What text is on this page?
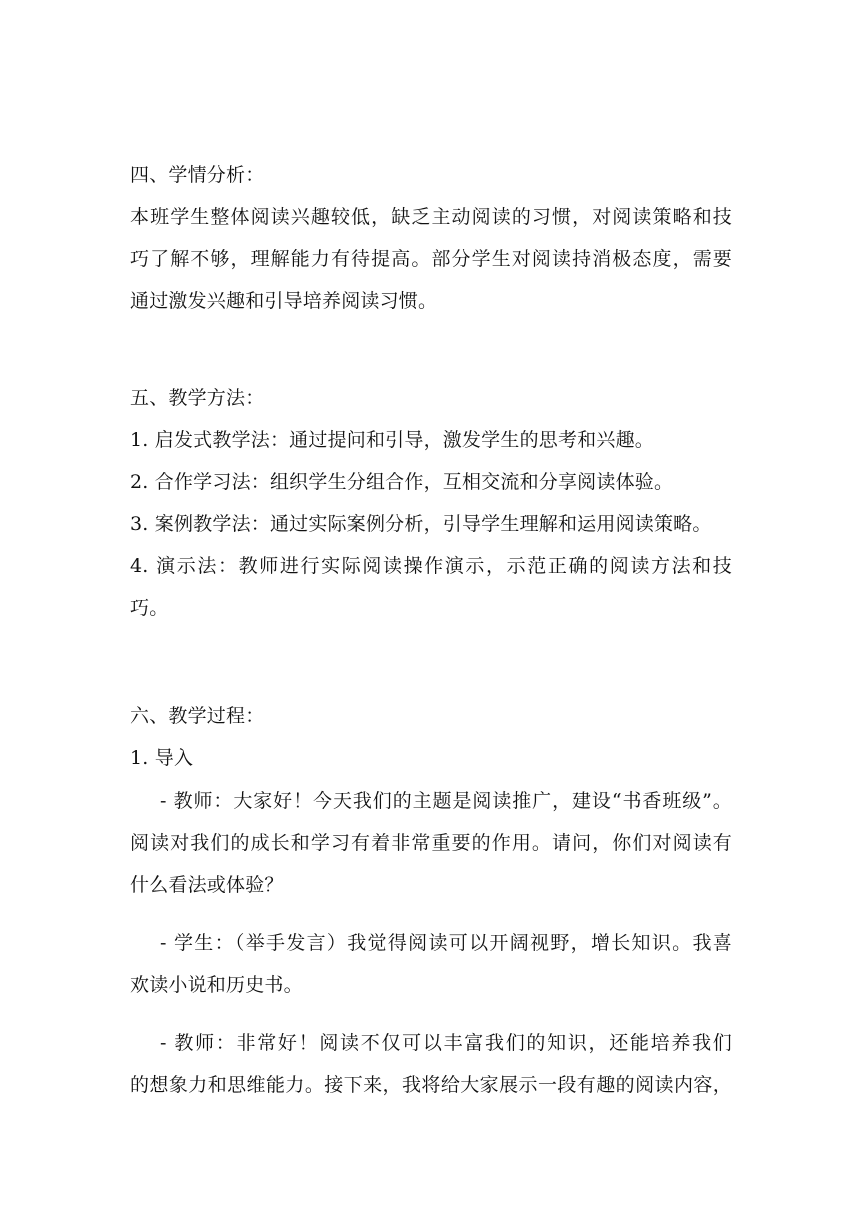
四、学情分析：
本班学生整体阅读兴趣较低，缺乏主动阅读的习惯，对阅读策略和技
巧了解不够，理解能力有待提高。部分学生对阅读持消极态度，需要
通过激发兴趣和引导培养阅读习惯。
五、教学方法：
1. 启发式教学法：通过提问和引导，激发学生的思考和兴趣。
2. 合作学习法：组织学生分组合作，互相交流和分享阅读体验。
3. 案例教学法：通过实际案例分析，引导学生理解和运用阅读策略。
4. 演示法：教师进行实际阅读操作演示，示范正确的阅读方法和技
巧。
六、教学过程：
1. 导入
- 教师：大家好！今天我们的主题是阅读推广，建设“书香班级”。
阅读对我们的成长和学习有着非常重要的作用。请问，你们对阅读有
什么看法或体验？
- 学生：（举手发言）我觉得阅读可以开阔视野，增长知识。我喜
欢读小说和历史书。
- 教师：非常好！阅读不仅可以丰富我们的知识，还能培养我们
的想象力和思维能力。接下来，我将给大家展示一段有趣的阅读内容，
